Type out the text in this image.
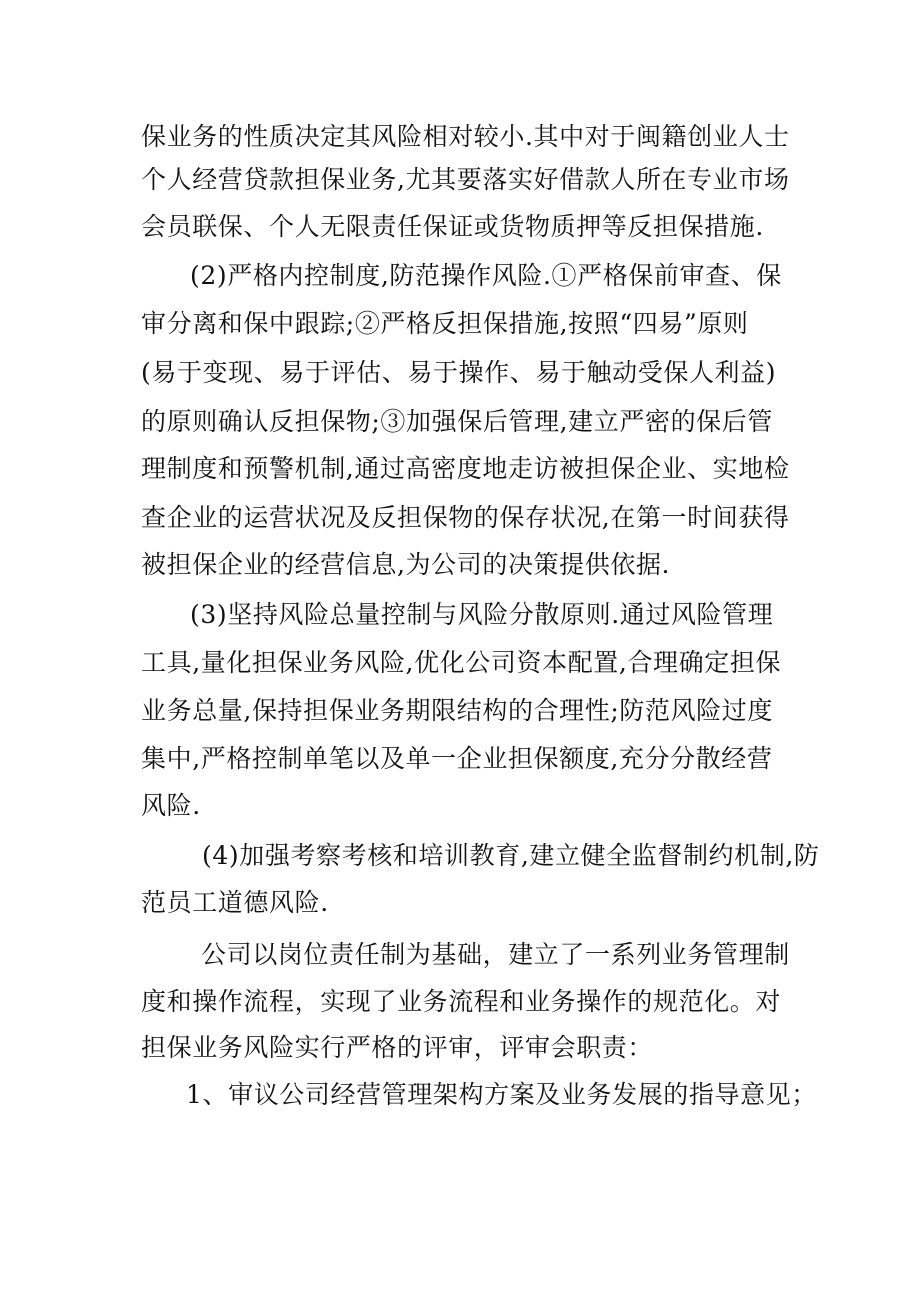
保业务的性质决定其风险相对较小.其中对于闽籍创业人士
个人经营贷款担保业务,尤其要落实好借款人所在专业市场
会员联保、个人无限责任保证或货物质押等反担保措施.
(2)严格内控制度,防范操作风险.①严格保前审查、保
审分离和保中跟踪;②严格反担保措施,按照“四易”原则
(易于变现、易于评估、易于操作、易于触动受保人利益)
的原则确认反担保物;③加强保后管理,建立严密的保后管
理制度和预警机制,通过高密度地走访被担保企业、实地检
查企业的运营状况及反担保物的保存状况,在第一时间获得
被担保企业的经营信息,为公司的决策提供依据.
(3)坚持风险总量控制与风险分散原则.通过风险管理
工具,量化担保业务风险,优化公司资本配置,合理确定担保
业务总量,保持担保业务期限结构的合理性;防范风险过度
集中,严格控制单笔以及单一企业担保额度,充分分散经营
风险.
(4)加强考察考核和培训教育,建立健全监督制约机制,防
范员工道德风险.
公司以岗位责任制为基础，建立了一系列业务管理制
度和操作流程，实现了业务流程和业务操作的规范化。对
担保业务风险实行严格的评审，评审会职责：
1、审议公司经营管理架构方案及业务发展的指导意见；
